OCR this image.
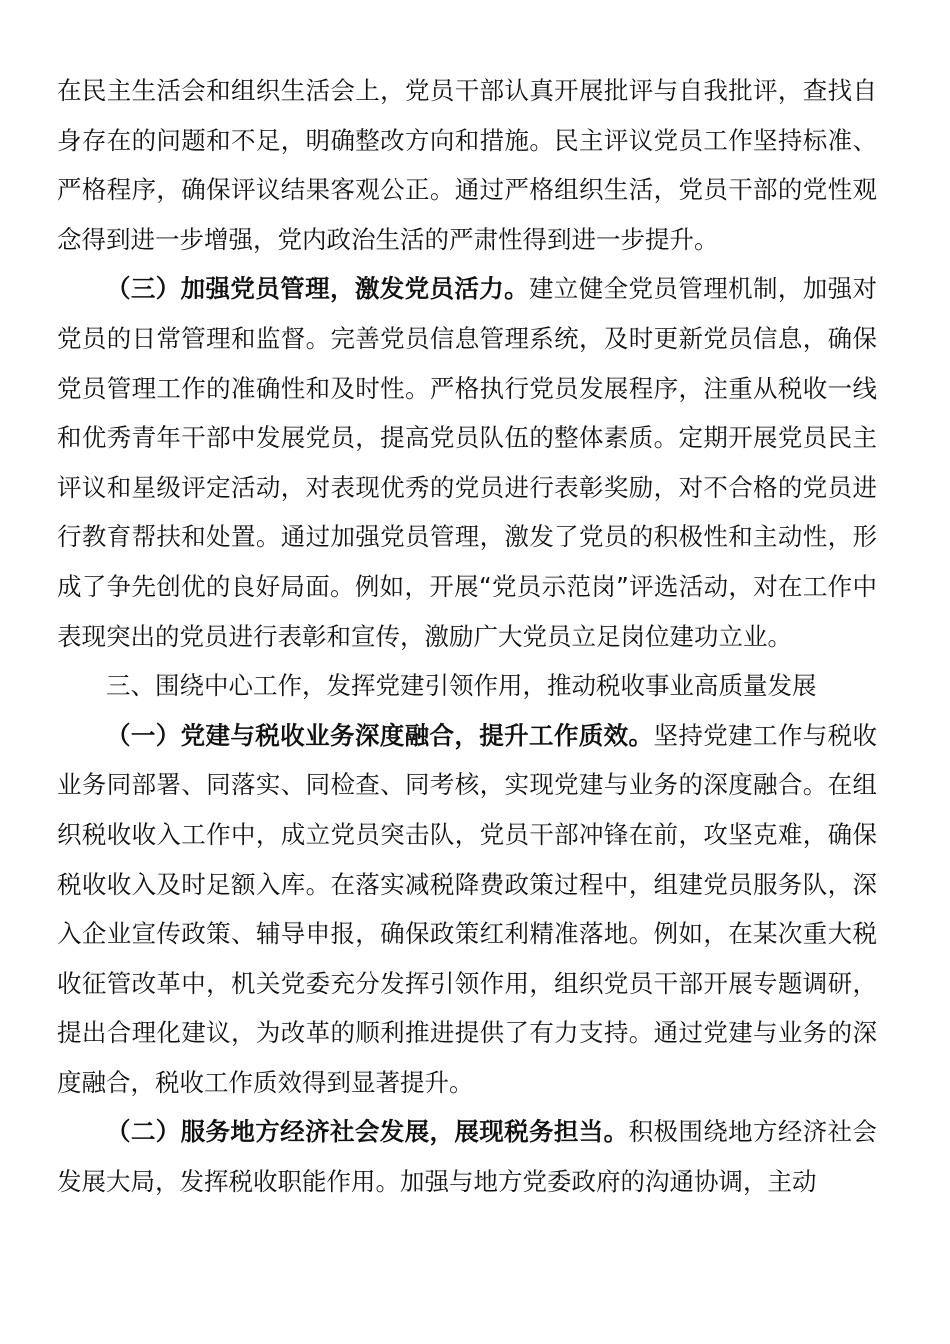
在民主生活会和组织生活会上，党员干部认真开展批评与自我批评，查找自身存在的问题和不足，明确整改方向和措施。民主评议党员工作坚持标准、严格程序，确保评议结果客观公正。通过严格组织生活，党员干部的党性观念得到进一步增强，党内政治生活的严肃性得到进一步提升。

（三）加强党员管理，激发党员活力。建立健全党员管理机制，加强对党员的日常管理和监督。完善党员信息管理系统，及时更新党员信息，确保党员管理工作的准确性和及时性。严格执行党员发展程序，注重从税收一线和优秀青年干部中发展党员，提高党员队伍的整体素质。定期开展党员民主评议和星级评定活动，对表现优秀的党员进行表彰奖励，对不合格的党员进行教育帮扶和处置。通过加强党员管理，激发了党员的积极性和主动性，形成了争先创优的良好局面。例如，开展“党员示范岗”评选活动，对在工作中表现突出的党员进行表彰和宣传，激励广大党员立足岗位建功立业。

三、围绕中心工作，发挥党建引领作用，推动税收事业高质量发展

（一）党建与税收业务深度融合，提升工作质效。坚持党建工作与税收业务同部署、同落实、同检查、同考核，实现党建与业务的深度融合。在组织税收收入工作中，成立党员突击队，党员干部冲锋在前，攻坚克难，确保税收收入及时足额入库。在落实减税降费政策过程中，组建党员服务队，深入企业宣传政策、辅导申报，确保政策红利精准落地。例如，在某次重大税收征管改革中，机关党委充分发挥引领作用，组织党员干部开展专题调研，提出合理化建议，为改革的顺利推进提供了有力支持。通过党建与业务的深度融合，税收工作质效得到显著提升。

（二）服务地方经济社会发展，展现税务担当。积极围绕地方经济社会发展大局，发挥税收职能作用。加强与地方党委政府的沟通协调，主动
